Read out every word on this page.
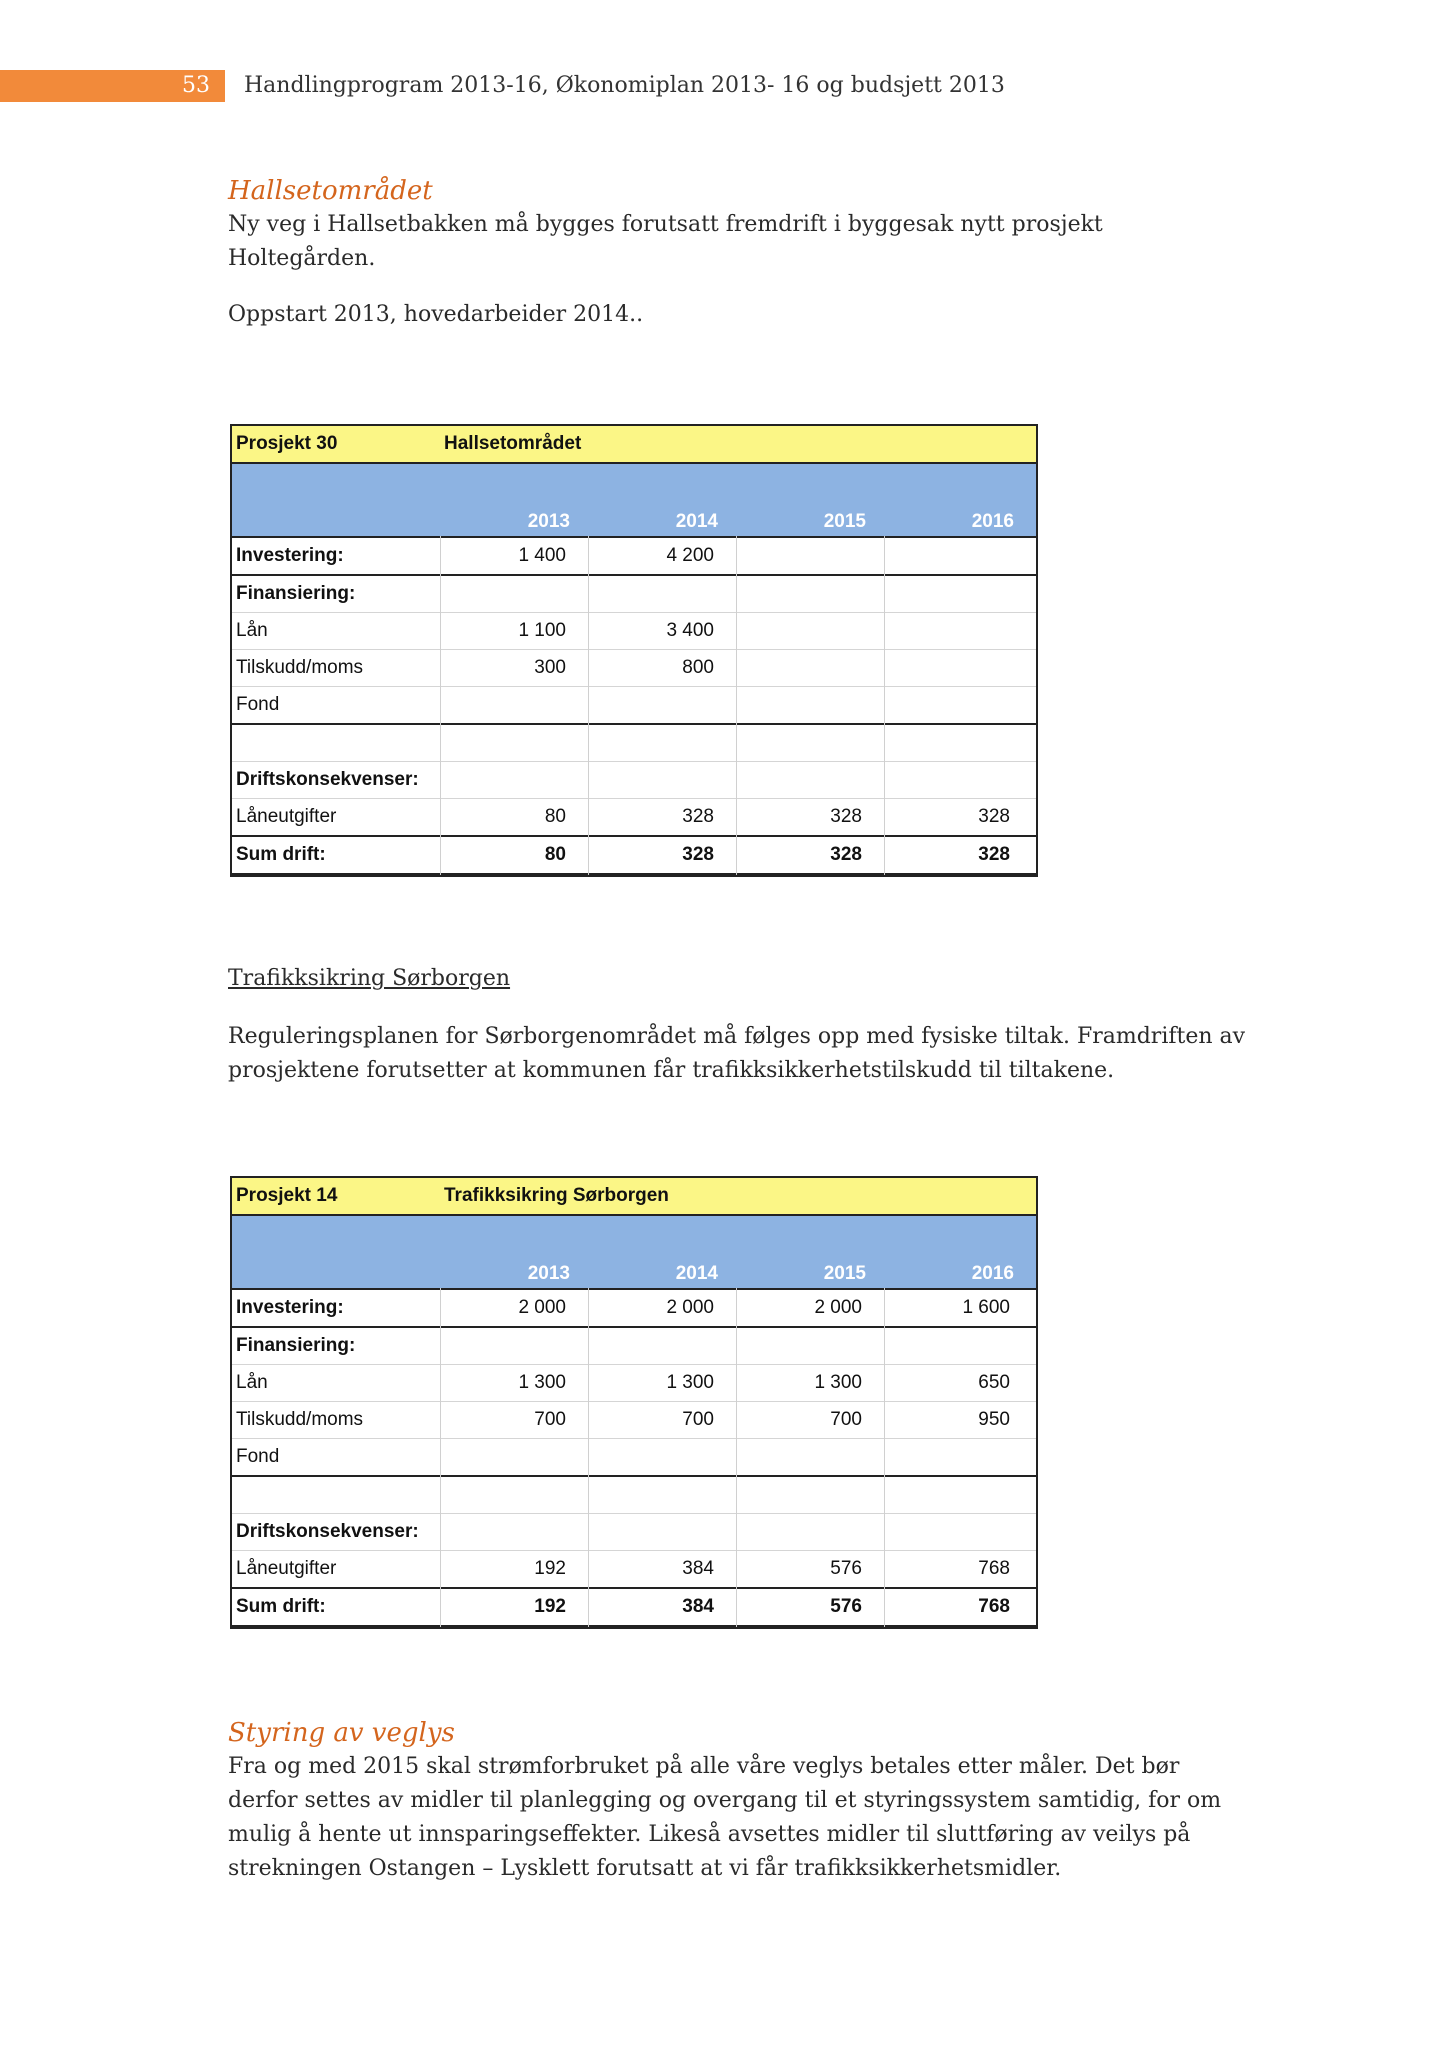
53 Handlingprogram 2013-16, Økonomiplan 2013- 16 og budsjett 2013
Hallsetområdet

Ny veg i Hallsetbakken må bygges forutsatt fremdrift i byggesak nytt prosjekt Holtegården.

Oppstart 2013, hovedarbeider 2014..

Prosjekt 30	Hallsetområdet
2013	2014	2015	2016
Investering:	1 400	4 200
Finansiering:
Lån	1 100	3 400
Tilskudd/moms	300	800
Fond
Driftskonsekvenser:
Låneutgifter	80	328	328	328
Sum drift:	80	328	328	328
Trafikksikring Sørborgen

Reguleringsplanen for Sørborgenområdet må følges opp med fysiske tiltak. Framdriften av prosjektene forutsetter at kommunen får trafikksikkerhetstilskudd til tiltakene.

Prosjekt 14	Trafikksikring Sørborgen
2013	2014	2015	2016
Investering:	2 000	2 000	2 000	1 600
Finansiering:
Lån	1 300	1 300	1 300	650
Tilskudd/moms	700	700	700	950
Fond
Driftskonsekvenser:
Låneutgifter	192	384	576	768
Sum drift:	192	384	576	768
Styring av veglys

Fra og med 2015 skal strømforbruket på alle våre veglys betales etter måler. Det bør derfor settes av midler til planlegging og overgang til et styringssystem samtidig, for om mulig å hente ut innsparingseffekter. Likeså avsettes midler til sluttføring av veilys på strekningen Ostangen – Lysklett forutsatt at vi får trafikksikkerhetsmidler.
